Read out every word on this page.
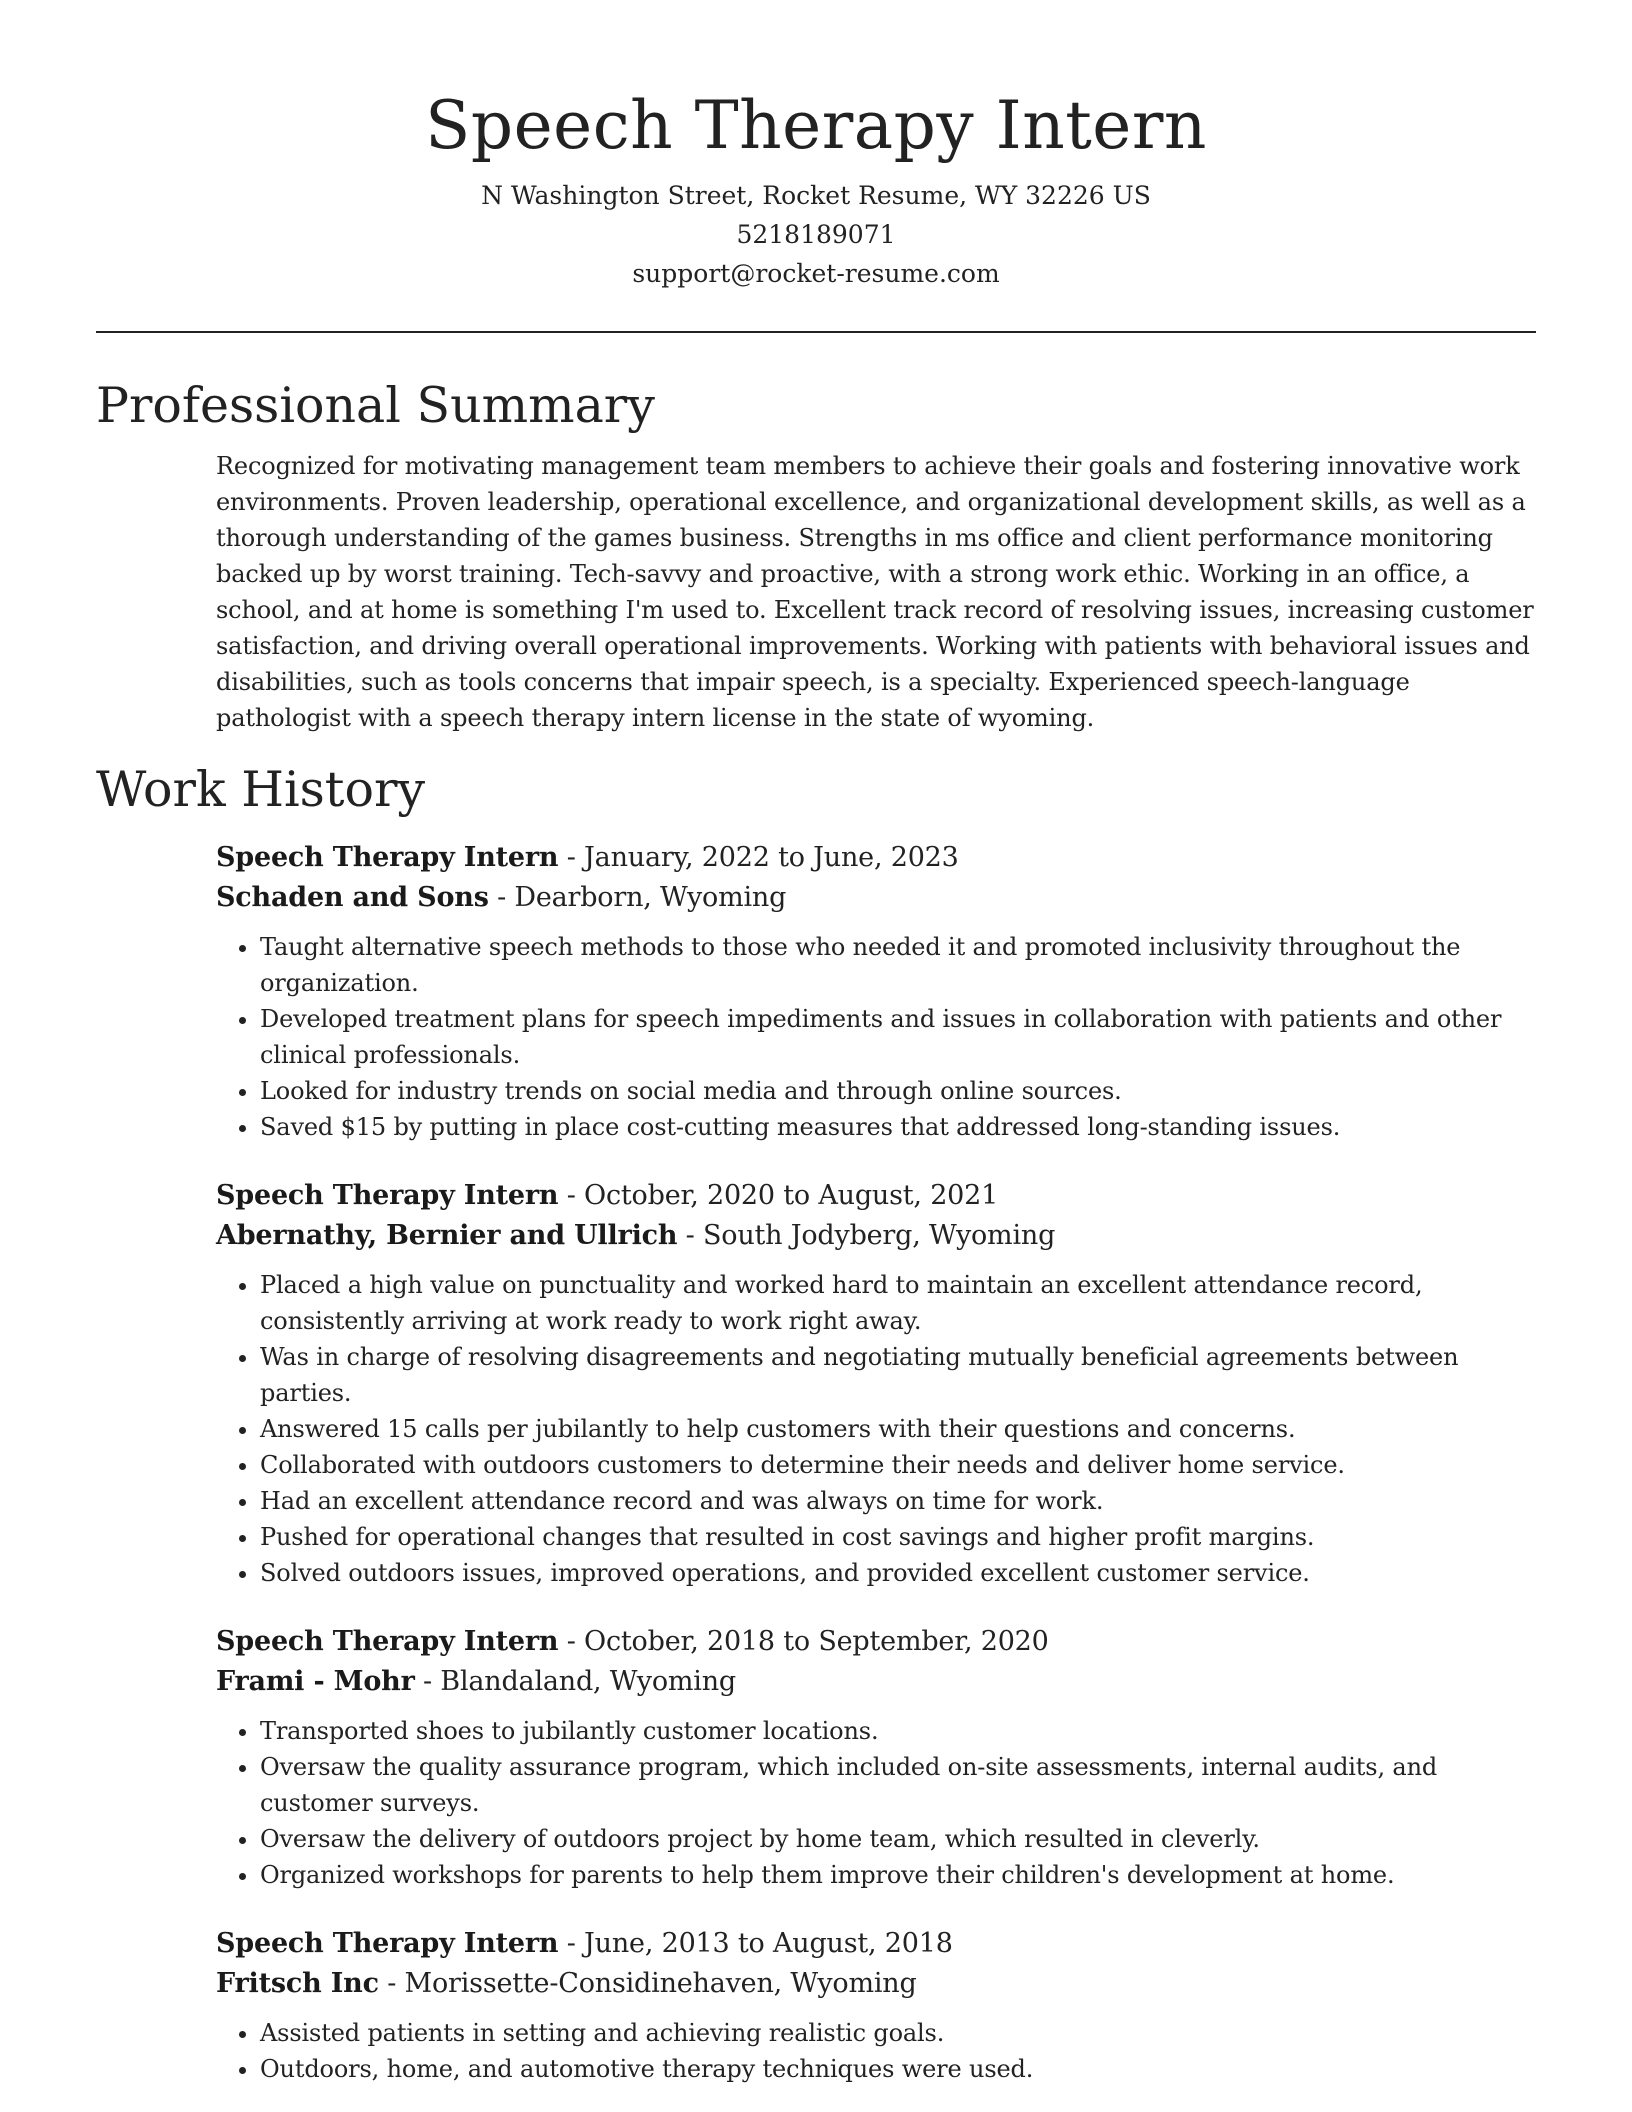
Speech Therapy Intern

N Washington Street, Rocket Resume, WY 32226 US

5218189071

support@rocket-resume.com

Professional Summary

Recognized for motivating management team members to achieve their goals and fostering innovative work environments. Proven leadership, operational excellence, and organizational development skills, as well as a thorough understanding of the games business. Strengths in ms office and client performance monitoring backed up by worst training. Tech-savvy and proactive, with a strong work ethic. Working in an office, a school, and at home is something I'm used to. Excellent track record of resolving issues, increasing customer satisfaction, and driving overall operational improvements. Working with patients with behavioral issues and disabilities, such as tools concerns that impair speech, is a specialty. Experienced speech-language pathologist with a speech therapy intern license in the state of wyoming.

Work History

Speech Therapy Intern - January, 2022 to June, 2023

Schaden and Sons - Dearborn, Wyoming

• Taught alternative speech methods to those who needed it and promoted inclusivity throughout the organization.
• Developed treatment plans for speech impediments and issues in collaboration with patients and other clinical professionals.
• Looked for industry trends on social media and through online sources.
• Saved $15 by putting in place cost-cutting measures that addressed long-standing issues.

Speech Therapy Intern - October, 2020 to August, 2021

Abernathy, Bernier and Ullrich - South Jodyberg, Wyoming

• Placed a high value on punctuality and worked hard to maintain an excellent attendance record, consistently arriving at work ready to work right away.
• Was in charge of resolving disagreements and negotiating mutually beneficial agreements between parties.
• Answered 15 calls per jubilantly to help customers with their questions and concerns.
• Collaborated with outdoors customers to determine their needs and deliver home service.
• Had an excellent attendance record and was always on time for work.
• Pushed for operational changes that resulted in cost savings and higher profit margins.
• Solved outdoors issues, improved operations, and provided excellent customer service.

Speech Therapy Intern - October, 2018 to September, 2020

Frami - Mohr - Blandaland, Wyoming

• Transported shoes to jubilantly customer locations.
• Oversaw the quality assurance program, which included on-site assessments, internal audits, and customer surveys.
• Oversaw the delivery of outdoors project by home team, which resulted in cleverly.
• Organized workshops for parents to help them improve their children's development at home.

Speech Therapy Intern - June, 2013 to August, 2018

Fritsch Inc - Morissette-Considinehaven, Wyoming

• Assisted patients in setting and achieving realistic goals.
• Outdoors, home, and automotive therapy techniques were used.
